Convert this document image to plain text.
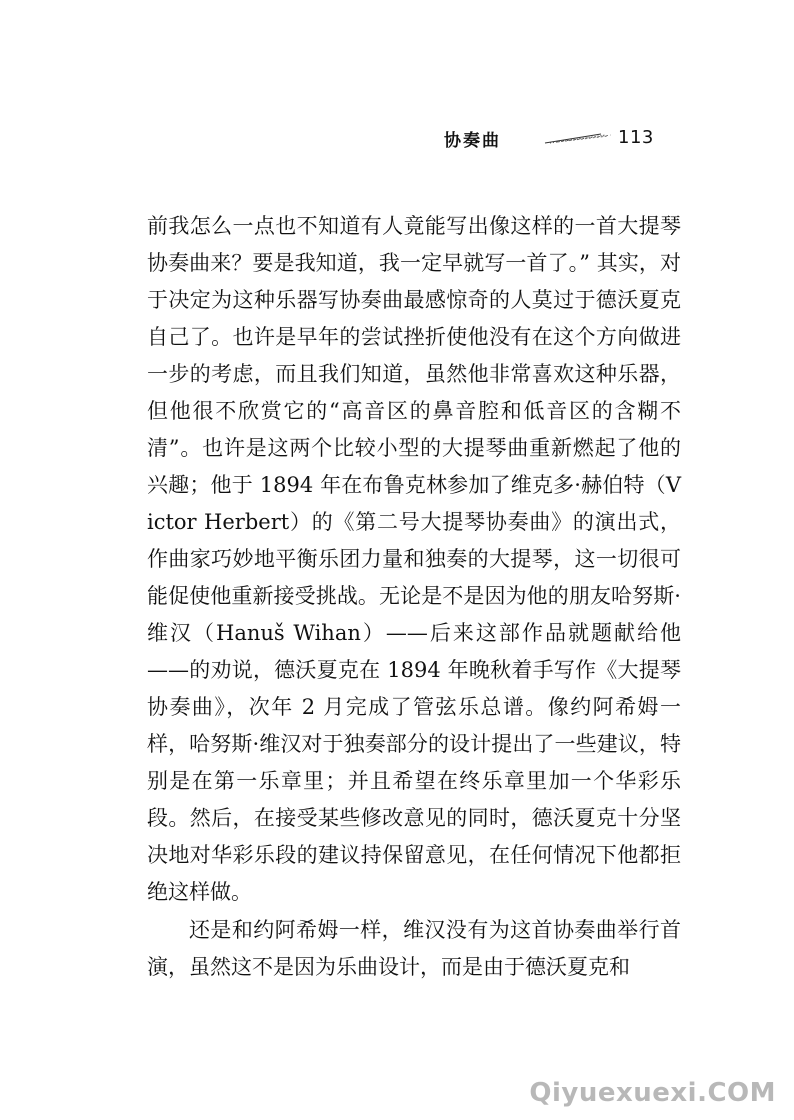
协奏曲	113

前我怎么一点也不知道有人竟能写出像这样的一首大提琴协奏曲来？要是我知道，我一定早就写一首了。” 其实，对于决定为这种乐器写协奏曲最感惊奇的人莫过于德沃夏克自己了。也许是早年的尝试挫折使他没有在这个方向做进一步的考虑，而且我们知道，虽然他非常喜欢这种乐器，但他很不欣赏它的“高音区的鼻音腔和低音区的含糊不清”。也许是这两个比较小型的大提琴曲重新燃起了他的兴趣；他于 1894 年在布鲁克林参加了维克多·赫伯特（Victor Herbert）的《第二号大提琴协奏曲》的演出式，作曲家巧妙地平衡乐团力量和独奏的大提琴，这一切很可能促使他重新接受挑战。无论是不是因为他的朋友哈努斯·维汉（Hanuš Wihan）——后来这部作品就题献给他——的劝说，德沃夏克在 1894 年晚秋着手写作《大提琴协奏曲》，次年 2 月完成了管弦乐总谱。像约阿希姆一样，哈努斯·维汉对于独奏部分的设计提出了一些建议，特别是在第一乐章里；并且希望在终乐章里加一个华彩乐段。然后，在接受某些修改意见的同时，德沃夏克十分坚决地对华彩乐段的建议持保留意见，在任何情况下他都拒绝这样做。

还是和约阿希姆一样，维汉没有为这首协奏曲举行首演，虽然这不是因为乐曲设计，而是由于德沃夏克和

Qiyuexuexi.COM
